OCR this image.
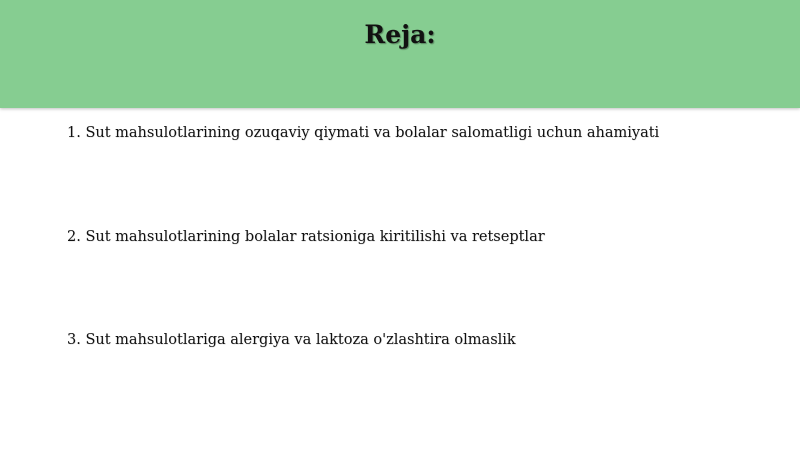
Reja:
1. Sut mahsulotlarining ozuqaviy qiymati va bolalar salomatligi uchun ahamiyati
2. Sut mahsulotlarining bolalar ratsioniga kiritilishi va retseptlar
3. Sut mahsulotlariga alergiya va laktoza o'zlashtira olmaslik
